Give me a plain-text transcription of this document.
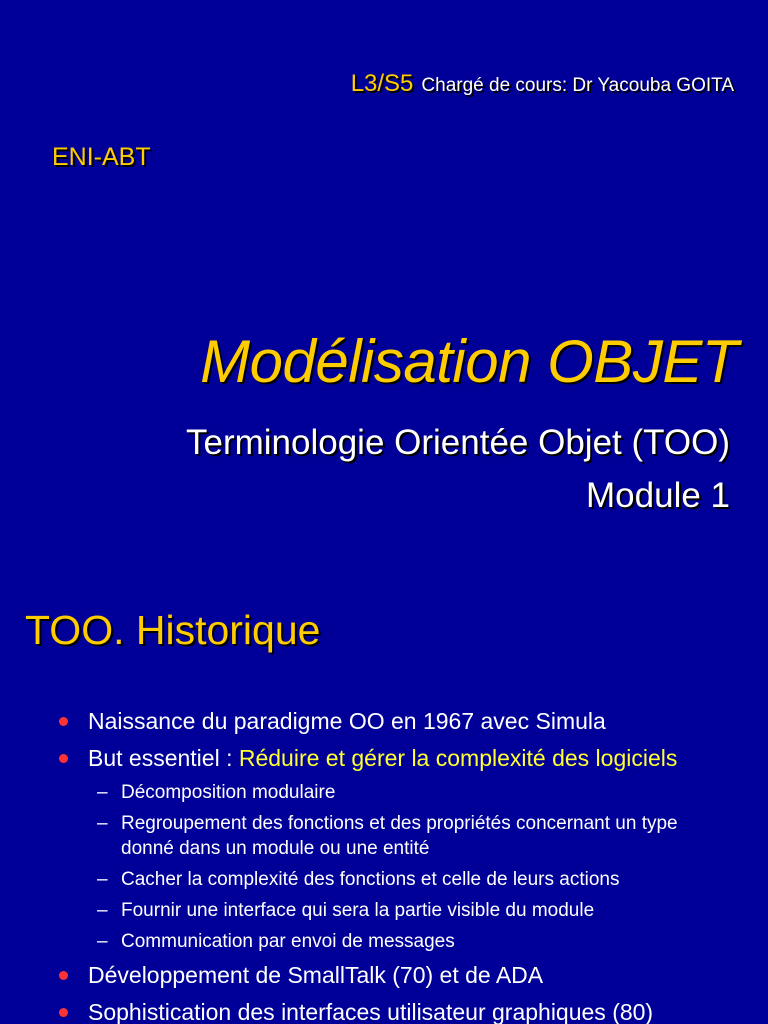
L3/S5 Chargé de cours: Dr Yacouba GOITA
ENI-ABT
Modélisation OBJET
Terminologie Orientée Objet (TOO)
Module 1
TOO. Historique
Naissance du paradigme OO en 1967 avec Simula
But essentiel : Réduire et gérer la complexité des logiciels
– Décomposition modulaire
– Regroupement des fonctions et des propriétés concernant un type
donné dans un module ou une entité
– Cacher la complexité des fonctions et celle de leurs actions
– Fournir une interface qui sera la partie visible du module
– Communication par envoi de messages
Développement de SmallTalk (70) et de ADA
Sophistication des interfaces utilisateur graphiques (80)
